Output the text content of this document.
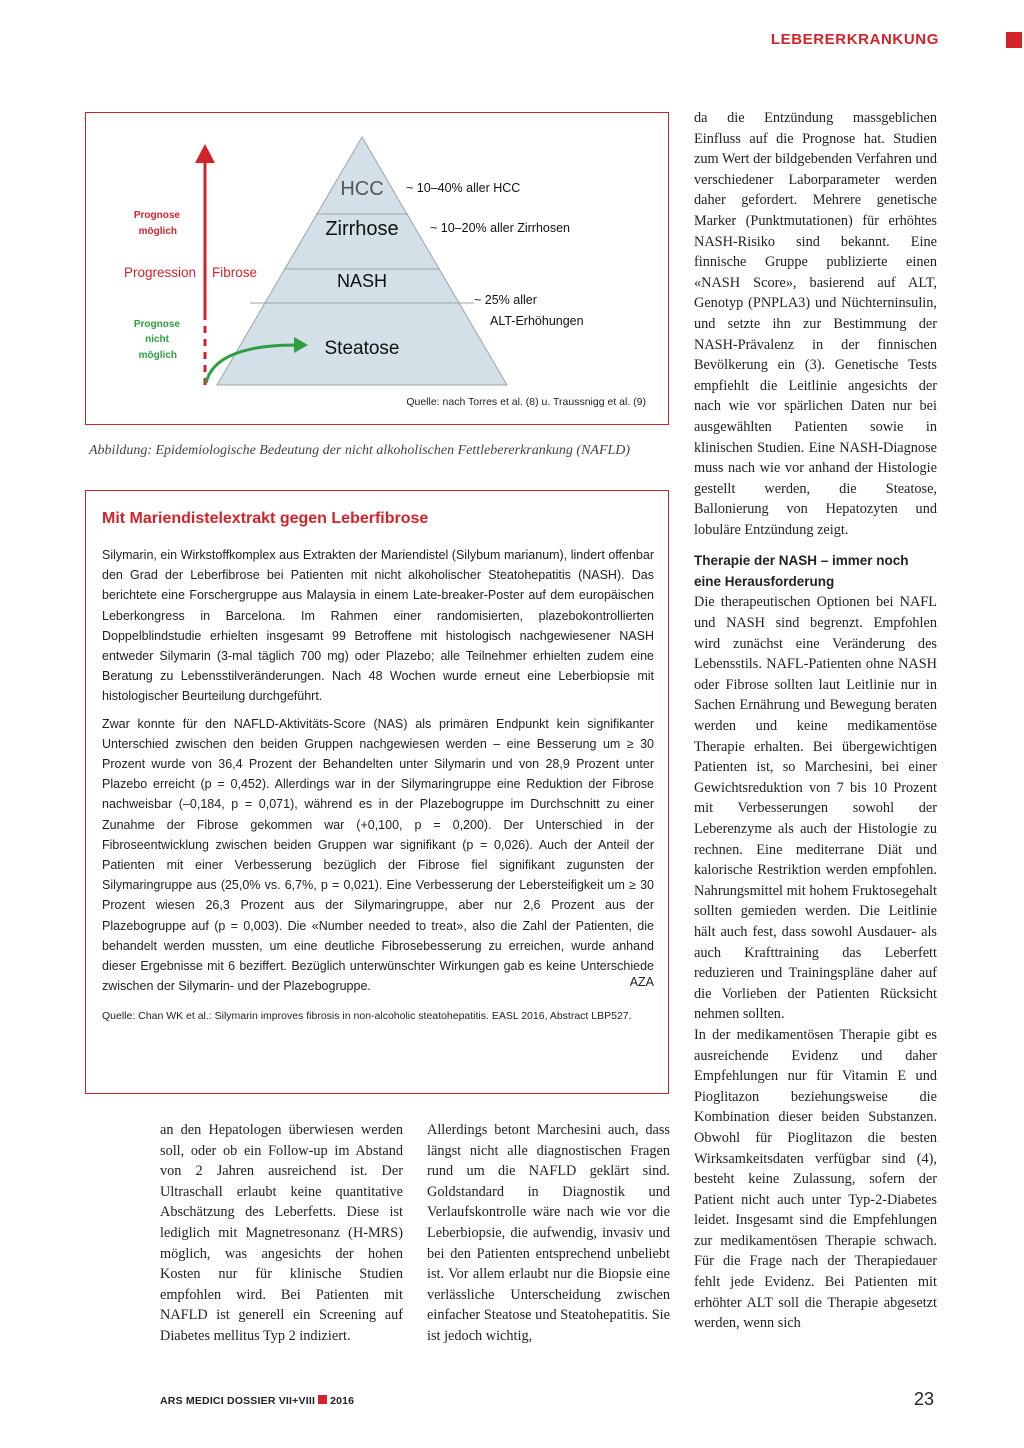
LEBERERKRANKUNG
HCC
Zirrhose
NASH
Steatose
~ 10–40% aller HCC
~ 10–20% aller Zirrhosen
~ 25% aller
ALT-Erhöhungen
Prognose
möglich
Progression Fibrose
Prognose
nicht
möglich
Quelle: nach Torres et al. (8) u. Traussnigg et al. (9)
Abbildung: Epidemiologische Bedeutung der nicht alkoholischen Fettlebererkrankung (NAFLD)
Mit Mariendistelextrakt gegen Leberfibrose

Silymarin, ein Wirkstoffkomplex aus Extrakten der Mariendistel (Silybum marianum), lindert offenbar den Grad der Leberfibrose bei Patienten mit nicht alkoholischer Steatohepatitis (NASH). Das berichtete eine Forschergruppe aus Malaysia in einem Late-breaker-Poster auf dem europäischen Leberkongress in Barcelona. Im Rahmen einer randomisierten, plazebokontrollierten Doppelblindstudie erhielten insgesamt 99 Betroffene mit histologisch nachgewiesener NASH entweder Silymarin (3-mal täglich 700 mg) oder Plazebo; alle Teilnehmer erhielten zudem eine Beratung zu Lebensstilveränderungen. Nach 48 Wochen wurde erneut eine Leberbiopsie mit histologischer Beurteilung durchgeführt.

Zwar konnte für den NAFLD-Aktivitäts-Score (NAS) als primären Endpunkt kein signifikanter Unterschied zwischen den beiden Gruppen nachgewiesen werden – eine Besserung um ≥ 30 Prozent wurde von 36,4 Prozent der Behandelten unter Silymarin und von 28,9 Prozent unter Plazebo erreicht (p = 0,452). Allerdings war in der Silymaringruppe eine Reduktion der Fibrose nachweisbar (–0,184, p = 0,071), während es in der Plazebogruppe im Durchschnitt zu einer Zunahme der Fibrose gekommen war (+0,100, p = 0,200). Der Unterschied in der Fibroseentwicklung zwischen beiden Gruppen war signifikant (p = 0,026). Auch der Anteil der Patienten mit einer Verbesserung bezüglich der Fibrose fiel signifikant zugunsten der Silymaringruppe aus (25,0% vs. 6,7%, p = 0,021). Eine Verbesserung der Lebersteifigkeit um ≥ 30 Prozent wiesen 26,3 Prozent aus der Silymaringruppe, aber nur 2,6 Prozent aus der Plazebogruppe auf (p = 0,003). Die «Number needed to treat», also die Zahl der Patienten, die behandelt werden mussten, um eine deutliche Fibrosebesserung zu erreichen, wurde anhand dieser Ergebnisse mit 6 beziffert. Bezüglich unterwünschter Wirkungen gab es keine Unterschiede zwischen der Silymarin- und der Plazebogruppe.	AZA
Quelle: Chan WK et al.: Silymarin improves fibrosis in non-alcoholic steatohepatitis. EASL 2016, Abstract LBP527.

an den Hepatologen überwiesen werden soll, oder ob ein Follow-up im Abstand von 2 Jahren ausreichend ist. Der Ultraschall erlaubt keine quantitative Abschätzung des Leberfetts. Diese ist lediglich mit Magnetresonanz (H-MRS) möglich, was angesichts der hohen Kosten nur für klinische Studien empfohlen wird. Bei Patienten mit NAFLD ist generell ein Screening auf Diabetes mellitus Typ 2 indiziert.

Allerdings betont Marchesini auch, dass längst nicht alle diagnostischen Fragen rund um die NAFLD geklärt sind. Goldstandard in Diagnostik und Verlaufskontrolle wäre nach wie vor die Leberbiopsie, die aufwendig, invasiv und bei den Patienten entsprechend unbeliebt ist. Vor allem erlaubt nur die Biopsie eine verlässliche Unterscheidung zwischen einfacher Steatose und Steatohepatitis. Sie ist jedoch wichtig,

da die Entzündung massgeblichen Einfluss auf die Prognose hat. Studien zum Wert der bildgebenden Verfahren und verschiedener Laborparameter werden daher gefordert. Mehrere genetische Marker (Punktmutationen) für erhöhtes NASH-Risiko sind bekannt. Eine finnische Gruppe publizierte einen «NASH Score», basierend auf ALT, Genotyp (PNPLA3) und Nüchterninsulin, und setzte ihn zur Bestimmung der NASH-Prävalenz in der finnischen Bevölkerung ein (3). Genetische Tests empfiehlt die Leitlinie angesichts der nach wie vor spärlichen Daten nur bei ausgewählten Patienten sowie in klinischen Studien. Eine NASH-Diagnose muss nach wie vor anhand der Histologie gestellt werden, die Steatose, Ballonierung von Hepatozyten und lobuläre Entzündung zeigt.

Therapie der NASH – immer noch eine Herausforderung

Die therapeutischen Optionen bei NAFL und NASH sind begrenzt. Empfohlen wird zunächst eine Veränderung des Lebensstils. NAFL-Patienten ohne NASH oder Fibrose sollten laut Leitlinie nur in Sachen Ernährung und Bewegung beraten werden und keine medikamentöse Therapie erhalten. Bei übergewichtigen Patienten ist, so Marchesini, bei einer Gewichtsreduktion von 7 bis 10 Prozent mit Verbesserungen sowohl der Leberenzyme als auch der Histologie zu rechnen. Eine mediterrane Diät und kalorische Restriktion werden empfohlen. Nahrungsmittel mit hohem Fruktosegehalt sollten gemieden werden. Die Leitlinie hält auch fest, dass sowohl Ausdauer- als auch Krafttraining das Leberfett reduzieren und Trainingspläne daher auf die Vorlieben der Patienten Rücksicht nehmen sollten.

In der medikamentösen Therapie gibt es ausreichende Evidenz und daher Empfehlungen nur für Vitamin E und Pioglitazon beziehungsweise die Kombination dieser beiden Substanzen. Obwohl für Pioglitazon die besten Wirksamkeitsdaten verfügbar sind (4), besteht keine Zulassung, sofern der Patient nicht auch unter Typ-2-Diabetes leidet. Insgesamt sind die Empfehlungen zur medikamentösen Therapie schwach. Für die Frage nach der Therapiedauer fehlt jede Evidenz. Bei Patienten mit erhöhter ALT soll die Therapie abgesetzt werden, wenn sich

ARS MEDICI DOSSIER VII+VIII 2016	23
